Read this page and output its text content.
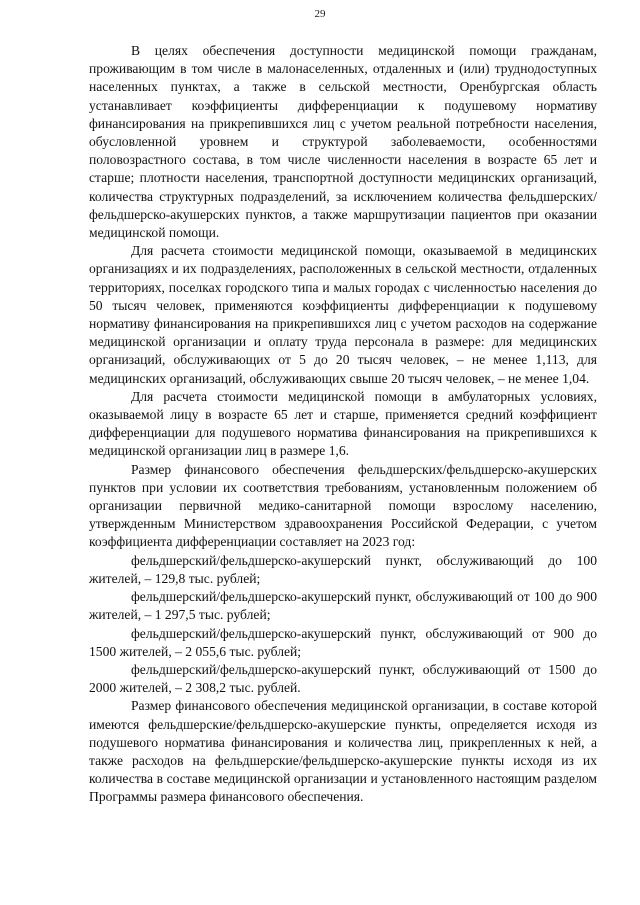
29

В целях обеспечения доступности медицинской помощи гражданам, проживающим в том числе в малонаселенных, отдаленных и (или) труднодоступных населенных пунктах, а также в сельской местности, Оренбургская область устанавливает коэффициенты дифференциации к подушевому нормативу финансирования на прикрепившихся лиц с учетом реальной потребности населения, обусловленной уровнем и структурой заболеваемости, особенностями половозрастного состава, в том числе численности населения в возрасте 65 лет и старше; плотности населения, транспортной доступности медицинских организаций, количества структурных подразделений, за исключением количества фельдшерских/фельдшерско-акушерских пунктов, а также маршрутизации пациентов при оказании медицинской помощи.

Для расчета стоимости медицинской помощи, оказываемой в медицинских организациях и их подразделениях, расположенных в сельской местности, отдаленных территориях, поселках городского типа и малых городах с численностью населения до 50 тысяч человек, применяются коэффициенты дифференциации к подушевому нормативу финансирования на прикрепившихся лиц с учетом расходов на содержание медицинской организации и оплату труда персонала в размере: для медицинских организаций, обслуживающих от 5 до 20 тысяч человек, – не менее 1,113, для медицинских организаций, обслуживающих свыше 20 тысяч человек, – не менее 1,04.

Для расчета стоимости медицинской помощи в амбулаторных условиях, оказываемой лицу в возрасте 65 лет и старше, применяется средний коэффициент дифференциации для подушевого норматива финансирования на прикрепившихся к медицинской организации лиц в размере 1,6.

Размер финансового обеспечения фельдшерских/фельдшерско-акушерских пунктов при условии их соответствия требованиям, установленным положением об организации первичной медико-санитарной помощи взрослому населению, утвержденным Министерством здравоохранения Российской Федерации, с учетом коэффициента дифференциации составляет на 2023 год:

фельдшерский/фельдшерско-акушерский пункт, обслуживающий до 100 жителей, – 129,8 тыс. рублей;

фельдшерский/фельдшерско-акушерский пункт, обслуживающий от 100 до 900 жителей, – 1 297,5 тыс. рублей;

фельдшерский/фельдшерско-акушерский пункт, обслуживающий от 900 до 1500 жителей, – 2 055,6 тыс. рублей;

фельдшерский/фельдшерско-акушерский пункт, обслуживающий от 1500 до 2000 жителей, – 2 308,2 тыс. рублей.

Размер финансового обеспечения медицинской организации, в составе которой имеются фельдшерские/фельдшерско-акушерские пункты, определяется исходя из подушевого норматива финансирования и количества лиц, прикрепленных к ней, а также расходов на фельдшерские/фельдшерско-акушерские пункты исходя из их количества в составе медицинской организации и установленного настоящим разделом Программы размера финансового обеспечения.
